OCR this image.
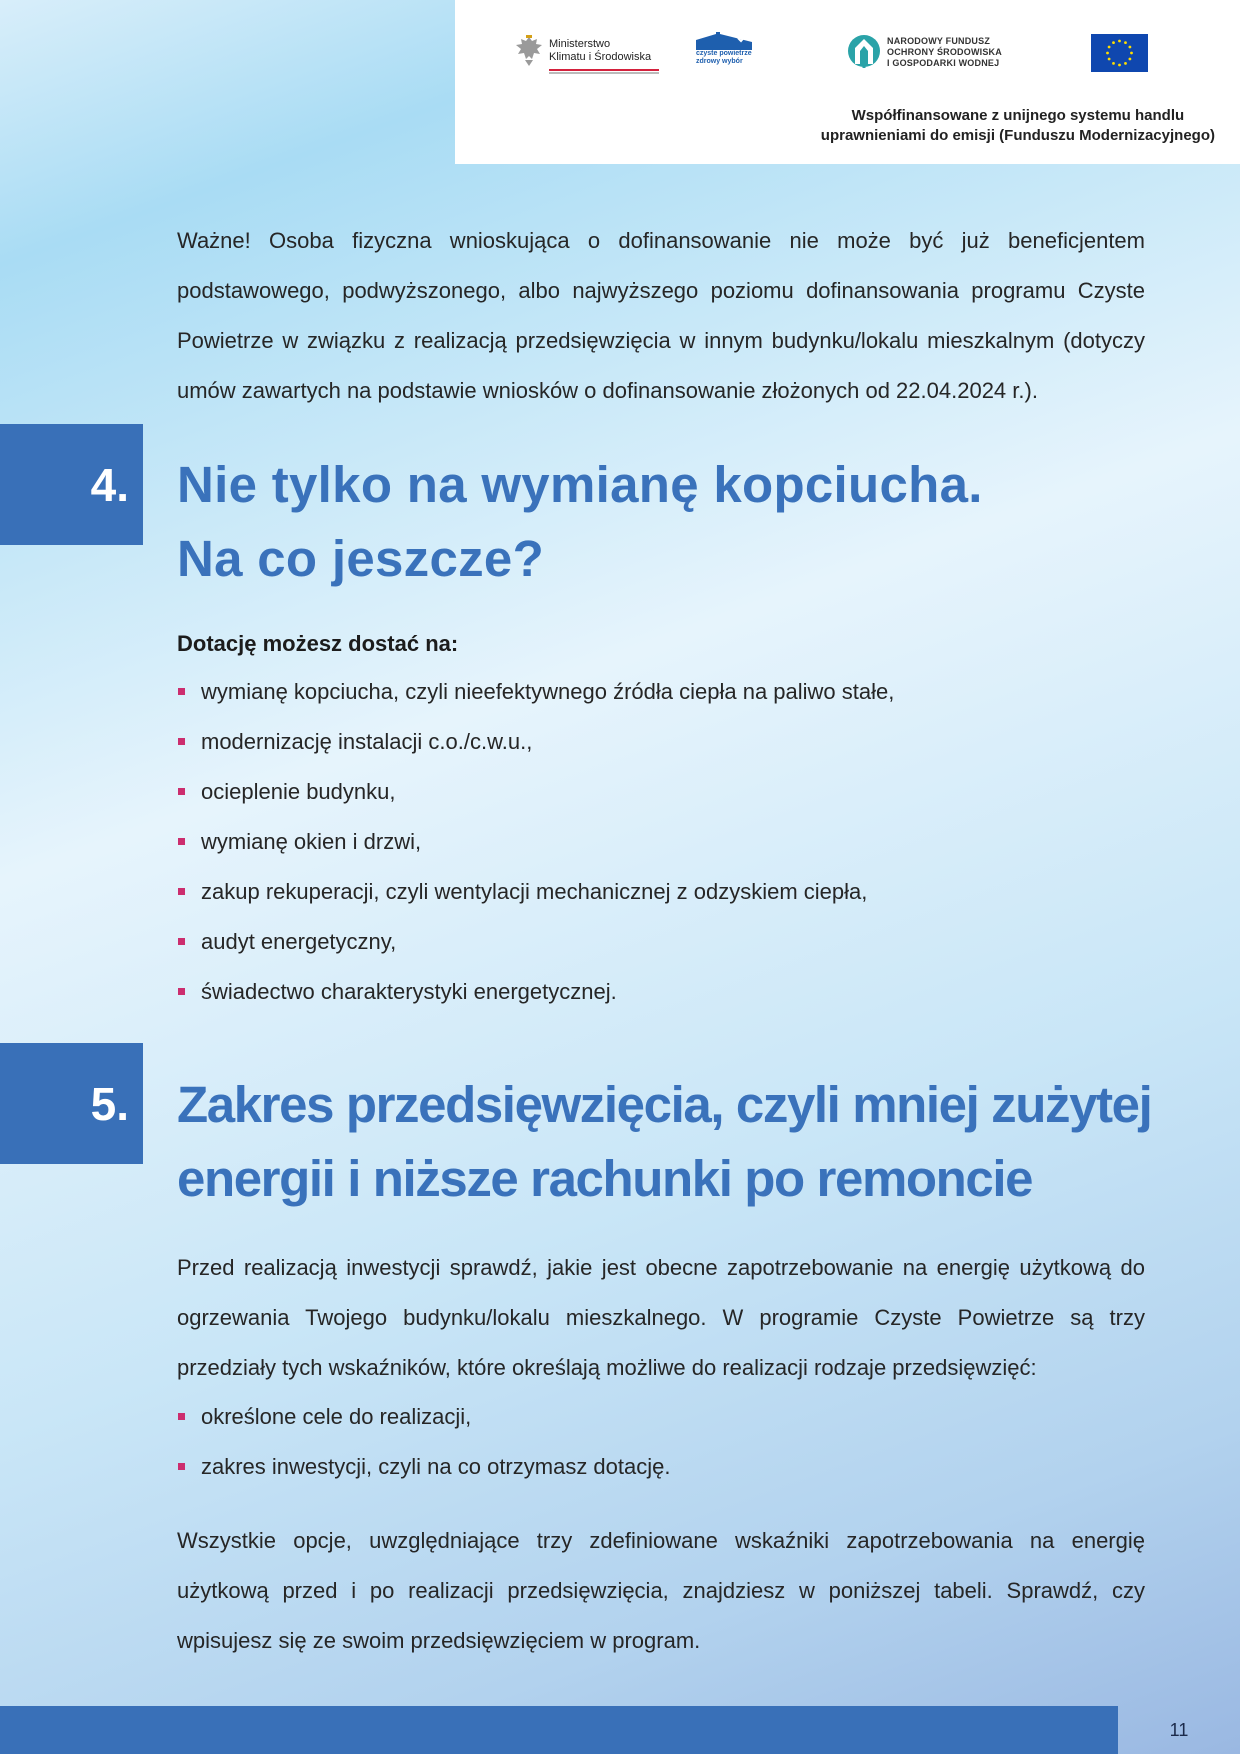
Ministerstwo
Klimatu i Środowiska	czyste powietrze
zdrowy wybór
NARODOWY FUNDUSZ
OCHRONY ŚRODOWISKA
I GOSPODARKI WODNEJ
Współfinansowane z unijnego systemu handlu
uprawnieniami do emisji (Funduszu Modernizacyjnego)

Ważne! Osoba fizyczna wnioskująca o dofinansowanie nie może być już beneficjentem podstawowego, podwyższonego, albo najwyższego poziomu dofinansowania programu Czyste Powietrze w związku z realizacją przedsięwzięcia w innym budynku/lokalu mieszkalnym (dotyczy umów zawartych na podstawie wniosków o dofinansowanie złożonych od 22.04.2024 r.).

4. Nie tylko na wymianę kopciucha.
Na co jeszcze?
Dotację możesz dostać na:
wymianę kopciucha, czyli nieefektywnego źródła ciepła na paliwo stałe,
modernizację instalacji c.o./c.w.u.,
ocieplenie budynku,
wymianę okien i drzwi,
zakup rekuperacji, czyli wentylacji mechanicznej z odzyskiem ciepła,
audyt energetyczny,
świadectwo charakterystyki energetycznej.
5. Zakres przedsięwzięcia, czyli mniej zużytej
energii i niższe rachunki po remoncie

Przed realizacją inwestycji sprawdź, jakie jest obecne zapotrzebowanie na energię użytkową do ogrzewania Twojego budynku/lokalu mieszkalnego. W programie Czyste Powietrze są trzy przedziały tych wskaźników, które określają możliwe do realizacji rodzaje przedsięwzięć:

określone cele do realizacji,
zakres inwestycji, czyli na co otrzymasz dotację.

Wszystkie opcje, uwzględniające trzy zdefiniowane wskaźniki zapotrzebowania na energię użytkową przed i po realizacji przedsięwzięcia, znajdziesz w poniższej tabeli. Sprawdź, czy wpisujesz się ze swoim przedsięwzięciem w program.

11
